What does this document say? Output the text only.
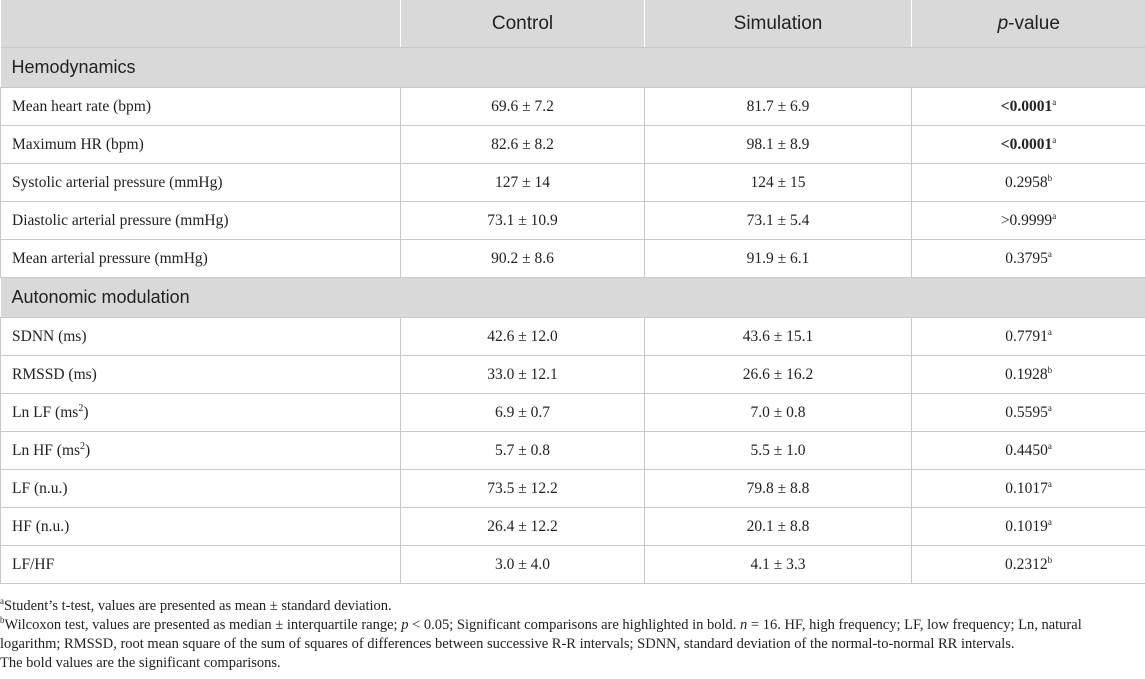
	Control	Simulation	p-value
Hemodynamics			
Mean heart rate (bpm)	69.6 ± 7.2	81.7 ± 6.9	<0.0001$^a$
Maximum HR (bpm)	82.6 ± 8.2	98.1 ± 8.9	<0.0001$^a$
Systolic arterial pressure (mmHg)	127 ± 14	124 ± 15	0.2958$^b$
Diastolic arterial pressure (mmHg)	73.1 ± 10.9	73.1 ± 5.4	>0.9999$^a$
Mean arterial pressure (mmHg)	90.2 ± 8.6	91.9 ± 6.1	0.3795$^a$
Autonomic modulation			
SDNN (ms)	42.6 ± 12.0	43.6 ± 15.1	0.7791$^a$
RMSSD (ms)	33.0 ± 12.1	26.6 ± 16.2	0.1928$^b$
Ln LF $(ms^2)$	6.9 ± 0.7	7.0 ± 0.8	0.5595$^a$
Ln HF $(ms^2)$	5.7 ± 0.8	5.5 ± 1.0	0.4450$^a$
LF (n.u.)	73.5 ± 12.2	79.8 ± 8.8	0.1017$^a$
HF (n.u.)	26.4 ± 12.2	20.1 ± 8.8	0.1019$^a$
LF/HF	3.0 ± 4.0	4.1 ± 3.3	0.2312$^b$

$^a$Student’s t-test, values are presented as mean ± standard deviation.

$^b$Wilcoxon test, values are presented as median ± interquartile range; p < 0.05; Significant comparisons are highlighted in bold. n = 16. HF, high frequency; LF, low frequency; Ln, natural logarithm; RMSSD, root mean square of the sum of squares of differences between successive R-R intervals; SDNN, standard deviation of the normal-to-normal RR intervals.

The bold values are the significant comparisons.
